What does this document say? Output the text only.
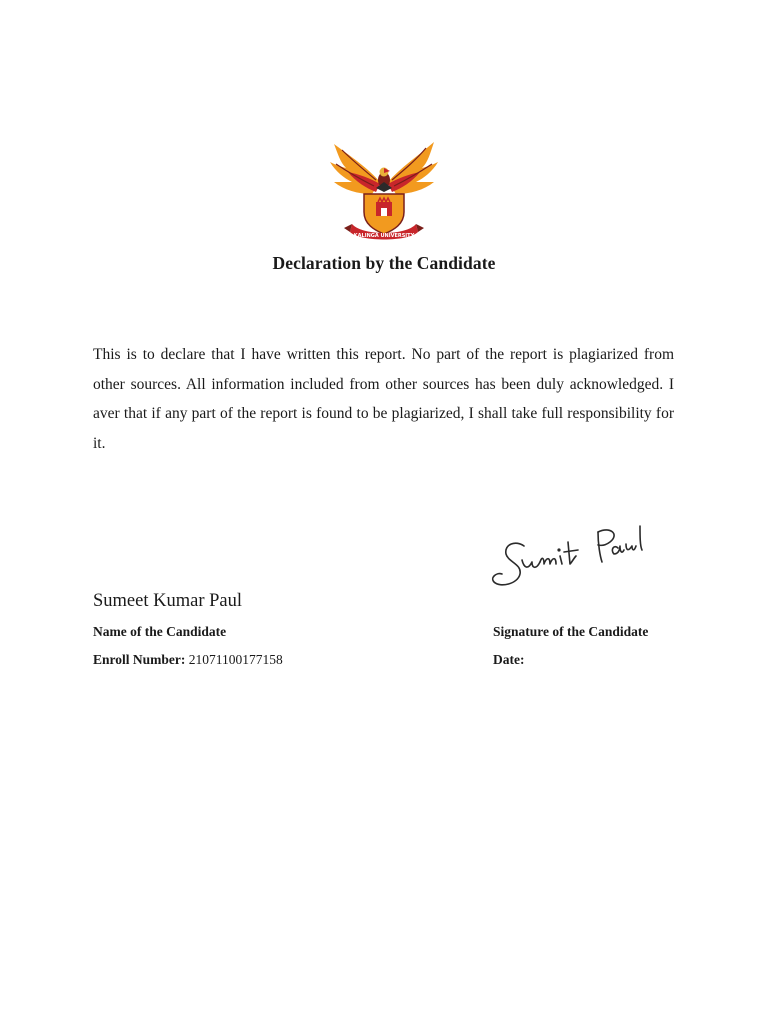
KALINGA UNIVERSITY
Declaration by the Candidate

This is to declare that I have written this report. No part of the report is plagiarized from other sources. All information included from other sources has been duly acknowledged. I aver that if any part of the report is found to be plagiarized, I shall take full responsibility for it.

Sumeet Kumar Paul
Name of the Candidate	Signature of the Candidate
Enroll Number: 21071100177158	Date:
